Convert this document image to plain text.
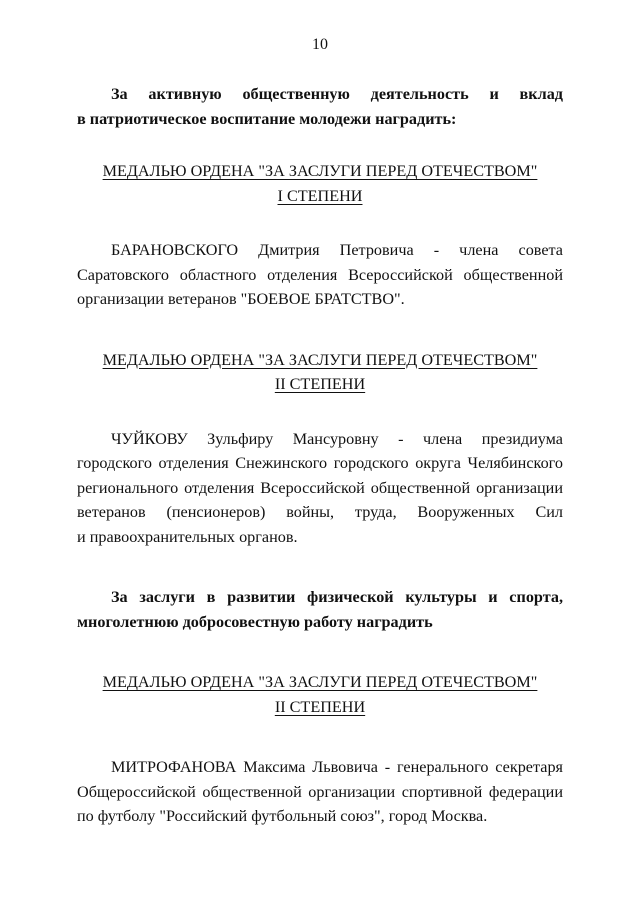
10

За активную общественную деятельность и вклад
в патриотическое воспитание молодежи наградить:

МЕДАЛЬЮ ОРДЕНА "ЗА ЗАСЛУГИ ПЕРЕД ОТЕЧЕСТВОМ"
I СТЕПЕНИ

БАРАНОВСКОГО Дмитрия Петровича - члена совета
Саратовского областного отделения Всероссийской общественной
организации ветеранов "БОЕВОЕ БРАТСТВО".

МЕДАЛЬЮ ОРДЕНА "ЗА ЗАСЛУГИ ПЕРЕД ОТЕЧЕСТВОМ"
II СТЕПЕНИ

ЧУЙКОВУ Зульфиру Мансуровну - члена президиума
городского отделения Снежинского городского округа Челябинского
регионального отделения Всероссийской общественной организации
ветеранов (пенсионеров) войны, труда, Вооруженных Сил
и правоохранительных органов.

За заслуги в развитии физической культуры и спорта,
многолетнюю добросовестную работу наградить

МЕДАЛЬЮ ОРДЕНА "ЗА ЗАСЛУГИ ПЕРЕД ОТЕЧЕСТВОМ"
II СТЕПЕНИ

МИТРОФАНОВА Максима Львовича - генерального секретаря
Общероссийской общественной организации спортивной федерации
по футболу "Российский футбольный союз", город Москва.
